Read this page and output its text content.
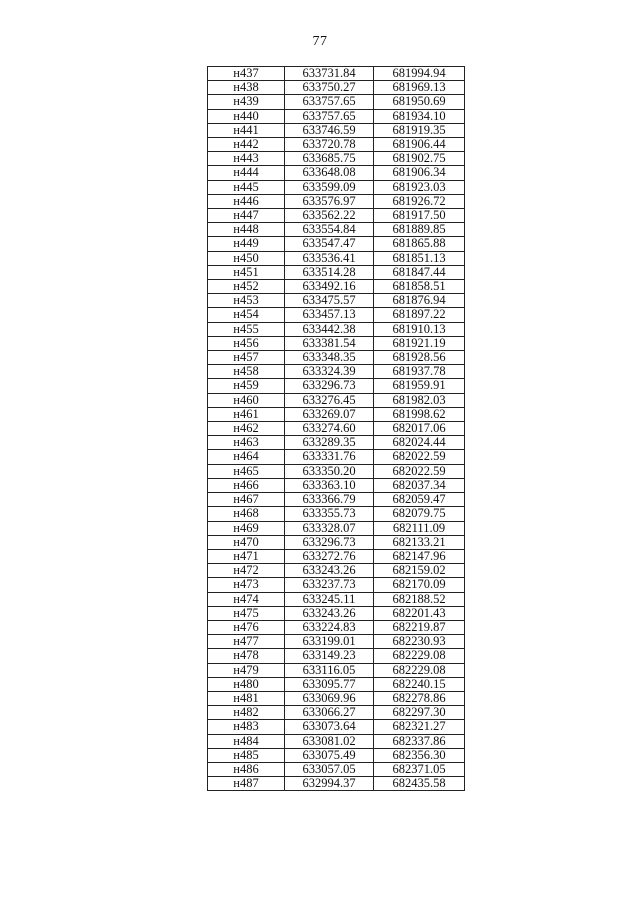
77
н437	633731.84	681994.94
н438	633750.27	681969.13
н439	633757.65	681950.69
н440	633757.65	681934.10
н441	633746.59	681919.35
н442	633720.78	681906.44
н443	633685.75	681902.75
н444	633648.08	681906.34
н445	633599.09	681923.03
н446	633576.97	681926.72
н447	633562.22	681917.50
н448	633554.84	681889.85
н449	633547.47	681865.88
н450	633536.41	681851.13
н451	633514.28	681847.44
н452	633492.16	681858.51
н453	633475.57	681876.94
н454	633457.13	681897.22
н455	633442.38	681910.13
н456	633381.54	681921.19
н457	633348.35	681928.56
н458	633324.39	681937.78
н459	633296.73	681959.91
н460	633276.45	681982.03
н461	633269.07	681998.62
н462	633274.60	682017.06
н463	633289.35	682024.44
н464	633331.76	682022.59
н465	633350.20	682022.59
н466	633363.10	682037.34
н467	633366.79	682059.47
н468	633355.73	682079.75
н469	633328.07	682111.09
н470	633296.73	682133.21
н471	633272.76	682147.96
н472	633243.26	682159.02
н473	633237.73	682170.09
н474	633245.11	682188.52
н475	633243.26	682201.43
н476	633224.83	682219.87
н477	633199.01	682230.93
н478	633149.23	682229.08
н479	633116.05	682229.08
н480	633095.77	682240.15
н481	633069.96	682278.86
н482	633066.27	682297.30
н483	633073.64	682321.27
н484	633081.02	682337.86
н485	633075.49	682356.30
н486	633057.05	682371.05
н487	632994.37	682435.58
